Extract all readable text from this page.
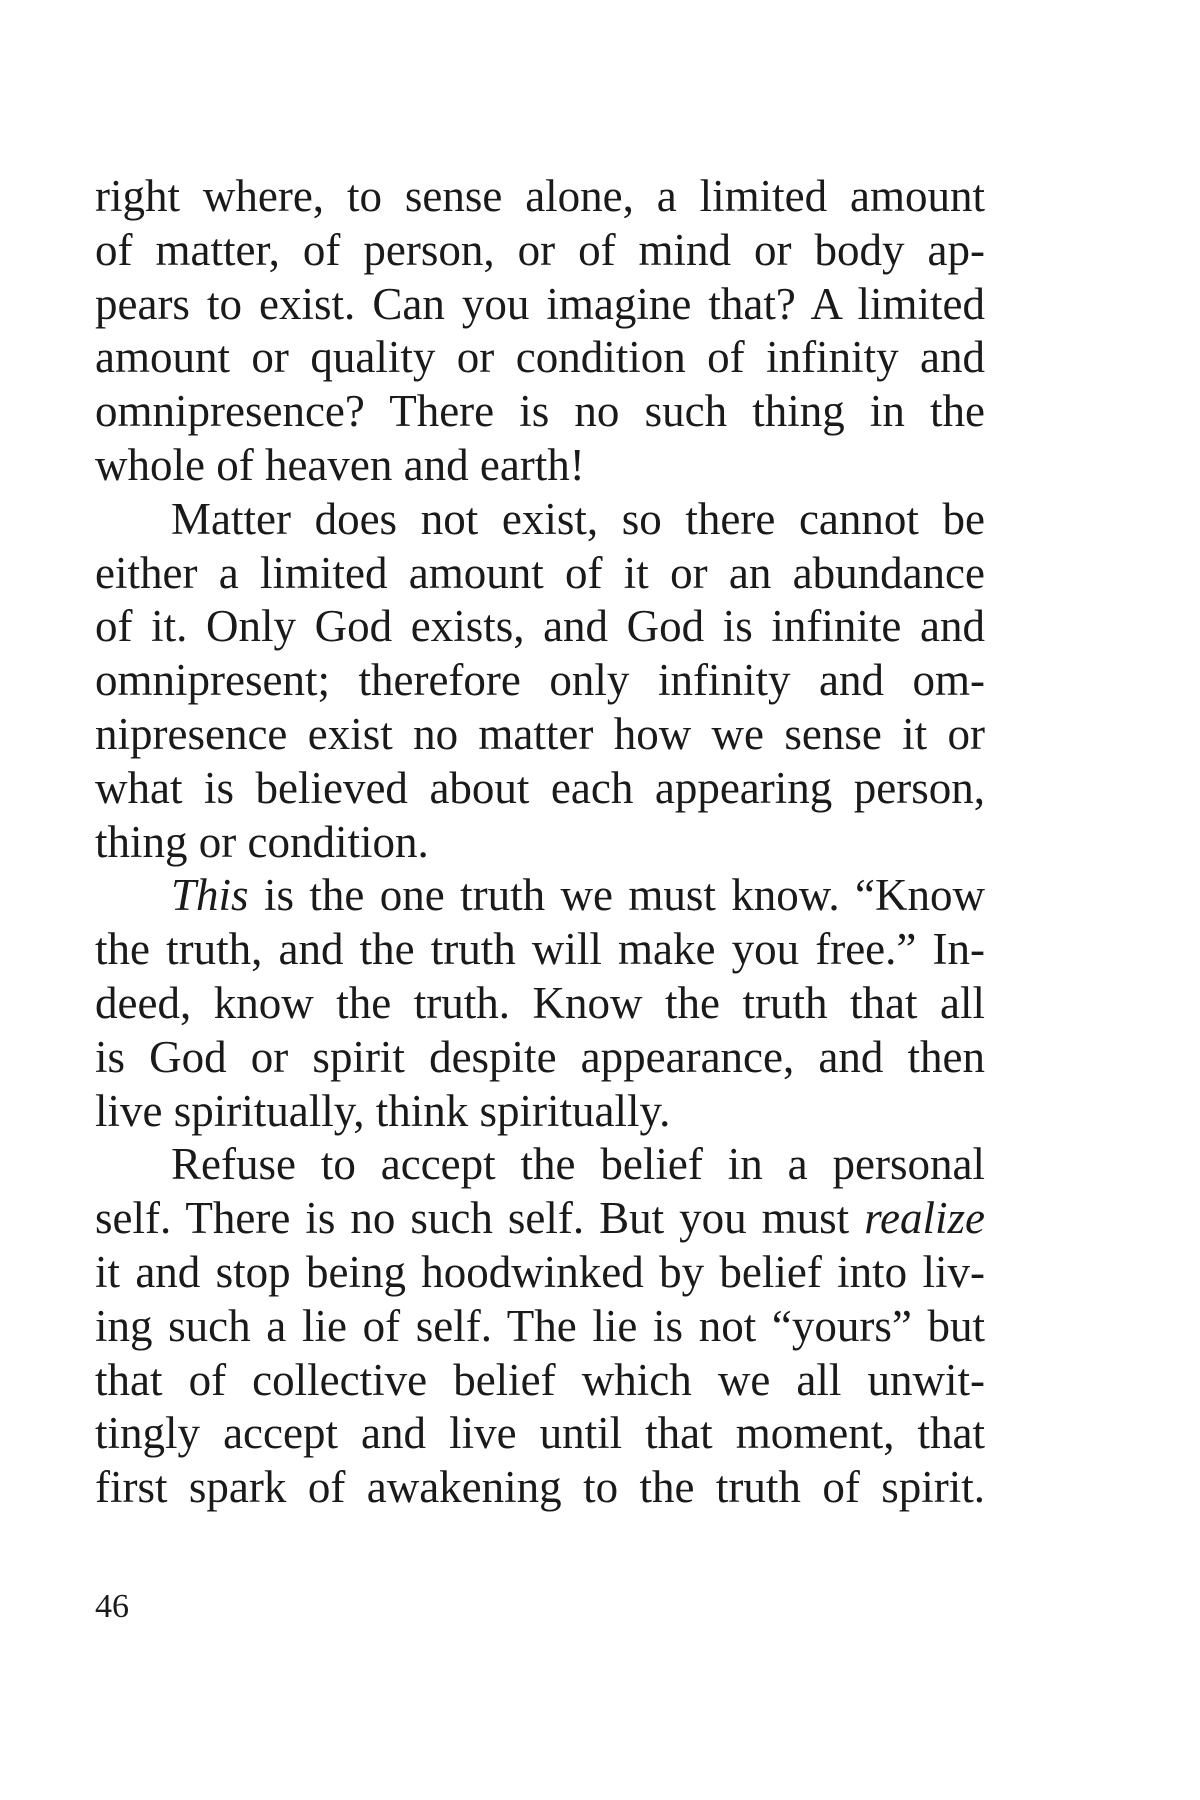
right where, to sense alone, a limited amount
of matter, of person, or of mind or body ap-
pears to exist. Can you imagine that? A limited
amount or quality or condition of infinity and
omnipresence? There is no such thing in the
whole of heaven and earth!
Matter does not exist, so there cannot be
either a limited amount of it or an abundance
of it. Only God exists, and God is infinite and
omnipresent; therefore only infinity and om-
nipresence exist no matter how we sense it or
what is believed about each appearing person,
thing or condition.
This is the one truth we must know. “Know
the truth, and the truth will make you free.” In-
deed, know the truth. Know the truth that all
is God or spirit despite appearance, and then
live spiritually, think spiritually.
Refuse to accept the belief in a personal
self. There is no such self. But you must realize
it and stop being hoodwinked by belief into liv-
ing such a lie of self. The lie is not “yours” but
that of collective belief which we all unwit-
tingly accept and live until that moment, that
first spark of awakening to the truth of spirit.
46
